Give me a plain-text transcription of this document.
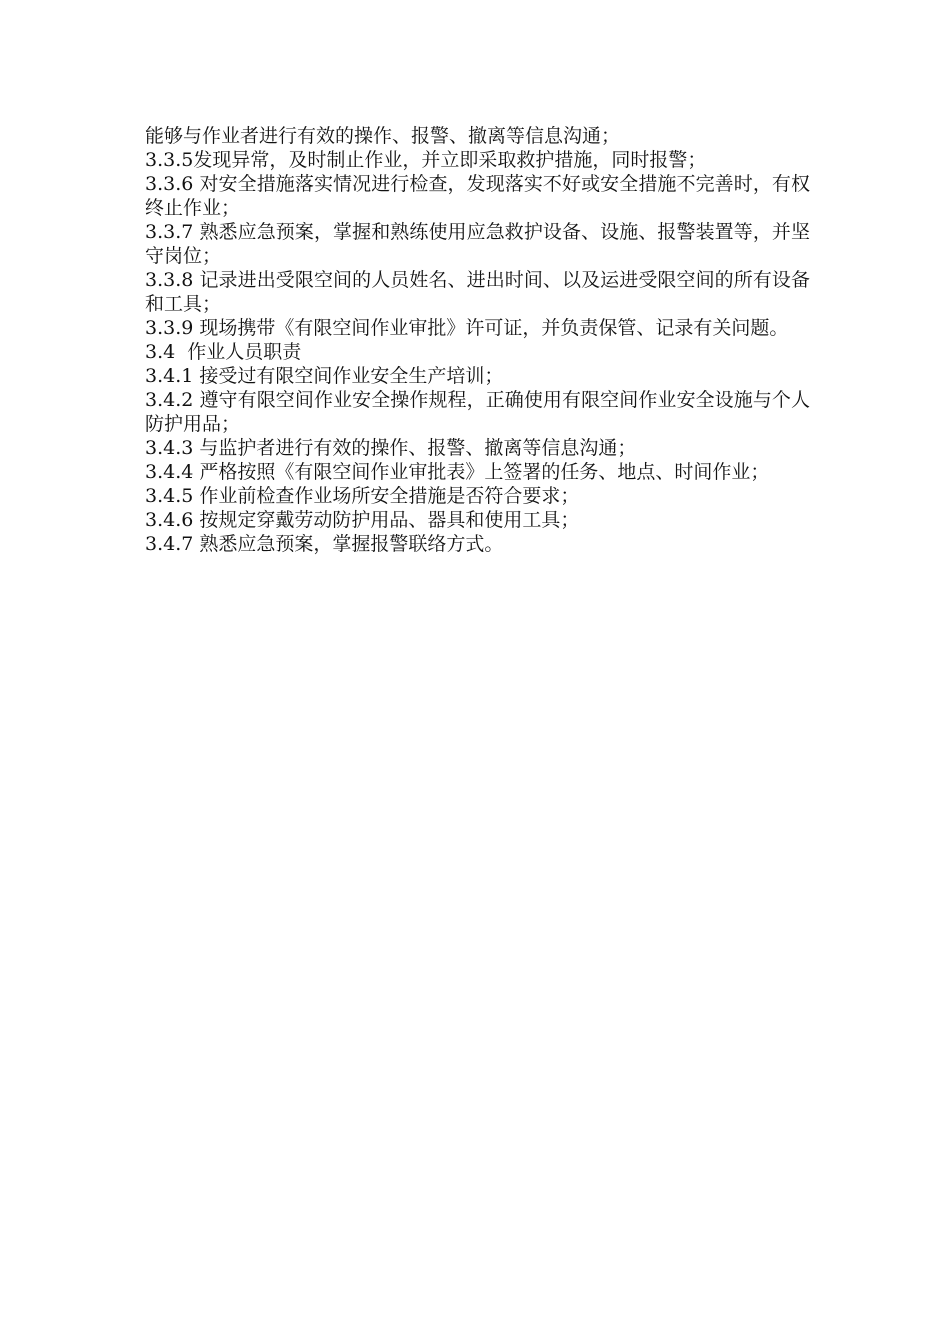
能够与作业者进行有效的操作、报警、撤离等信息沟通；

3.3.5发现异常，及时制止作业，并立即采取救护措施，同时报警；

3.3.6 对安全措施落实情况进行检查，发现落实不好或安全措施不完善时，有权终止作业；

3.3.7 熟悉应急预案，掌握和熟练使用应急救护设备、设施、报警装置等，并坚守岗位；

3.3.8 记录进出受限空间的人员姓名、进出时间、以及运进受限空间的所有设备和工具；

3.3.9 现场携带《有限空间作业审批》许可证，并负责保管、记录有关问题。

3.4  作业人员职责

3.4.1 接受过有限空间作业安全生产培训；

3.4.2 遵守有限空间作业安全操作规程，正确使用有限空间作业安全设施与个人防护用品；

3.4.3 与监护者进行有效的操作、报警、撤离等信息沟通；

3.4.4 严格按照《有限空间作业审批表》上签署的任务、地点、时间作业；

3.4.5 作业前检查作业场所安全措施是否符合要求；

3.4.6 按规定穿戴劳动防护用品、器具和使用工具；

3.4.7 熟悉应急预案，掌握报警联络方式。
